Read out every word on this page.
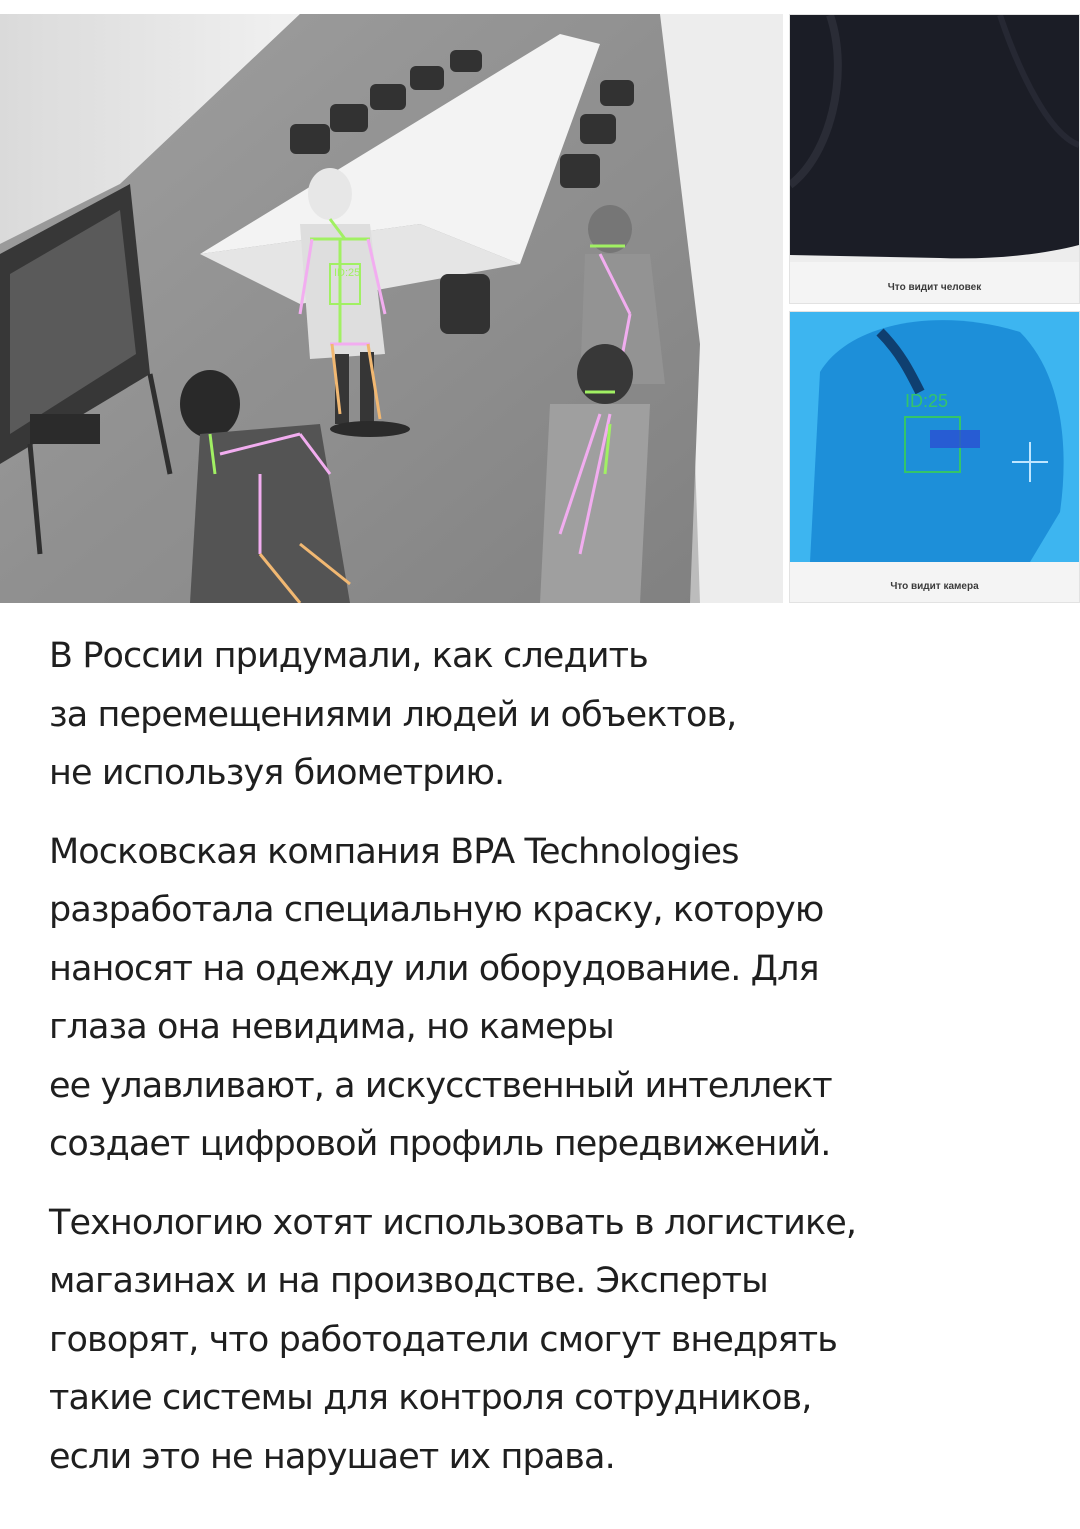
ID:25
Что видит человек
ID:25
Что видит камера

В России придумали, как следить
за перемещениями людей и объектов,
не используя биометрию.

Московская компания BPA Technologies
разработала специальную краску, которую
наносят на одежду или оборудование. Для
глаза она невидима, но камеры
ее улавливают, а искусственный интеллект
создает цифровой профиль передвижений.

Технологию хотят использовать в логистике,
магазинах и на производстве. Эксперты
говорят, что работодатели смогут внедрять
такие системы для контроля сотрудников,
если это не нарушает их права.
